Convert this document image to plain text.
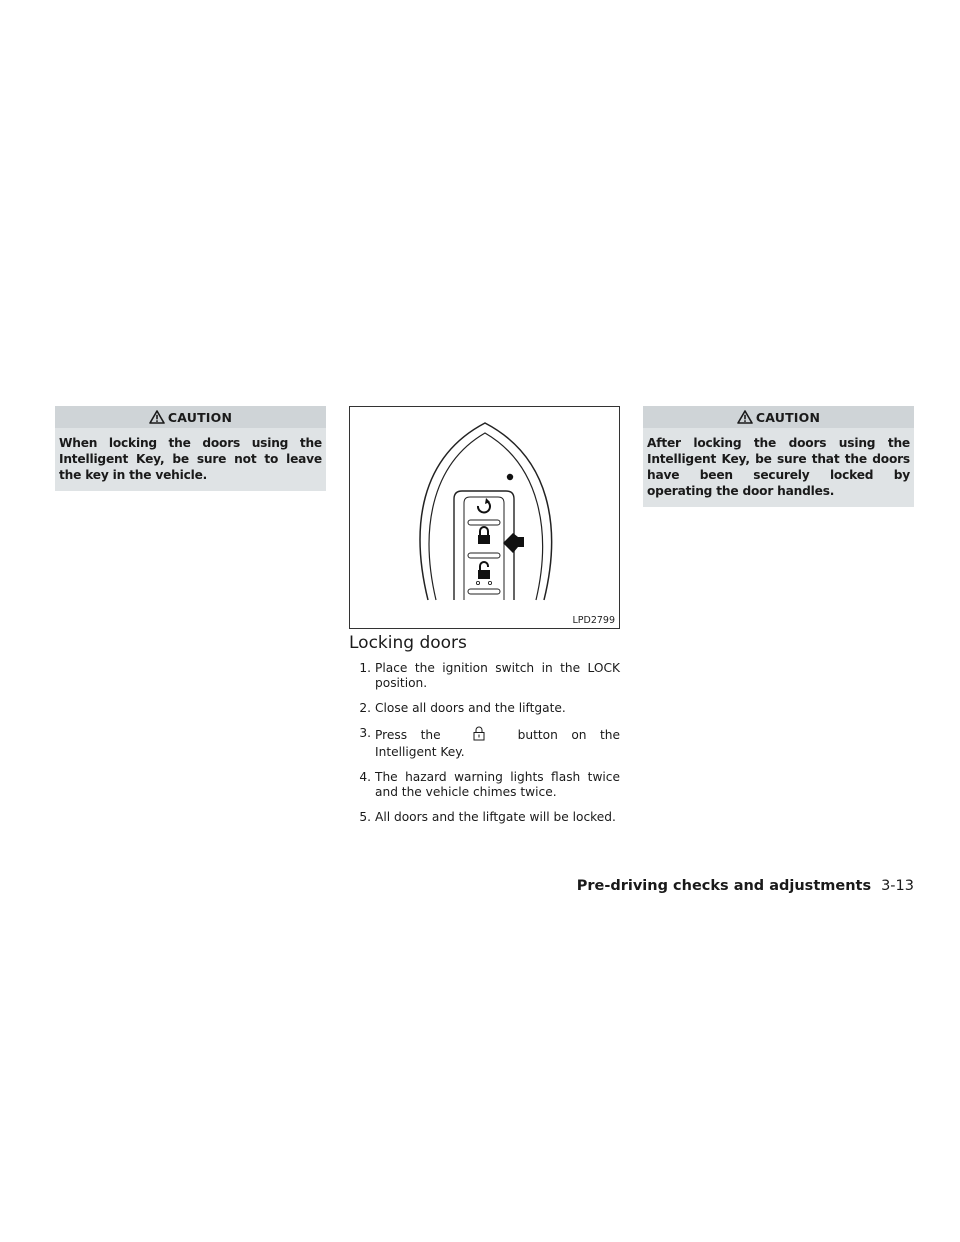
CAUTION
When locking the doors using the Intelligent Key, be sure not to leave the key in the vehicle.
LPD2799
Locking doors
1. Place the ignition switch in the LOCK position.
2. Close all doors and the liftgate.
3. Press the	button on the Intelligent Key.
4. The hazard warning lights flash twice and the vehicle chimes twice.
5. All doors and the liftgate will be locked.
CAUTION
After locking the doors using the Intelligent Key, be sure that the doors have been securely locked by operating the door handles.
Pre-driving checks and adjustments 3-13
